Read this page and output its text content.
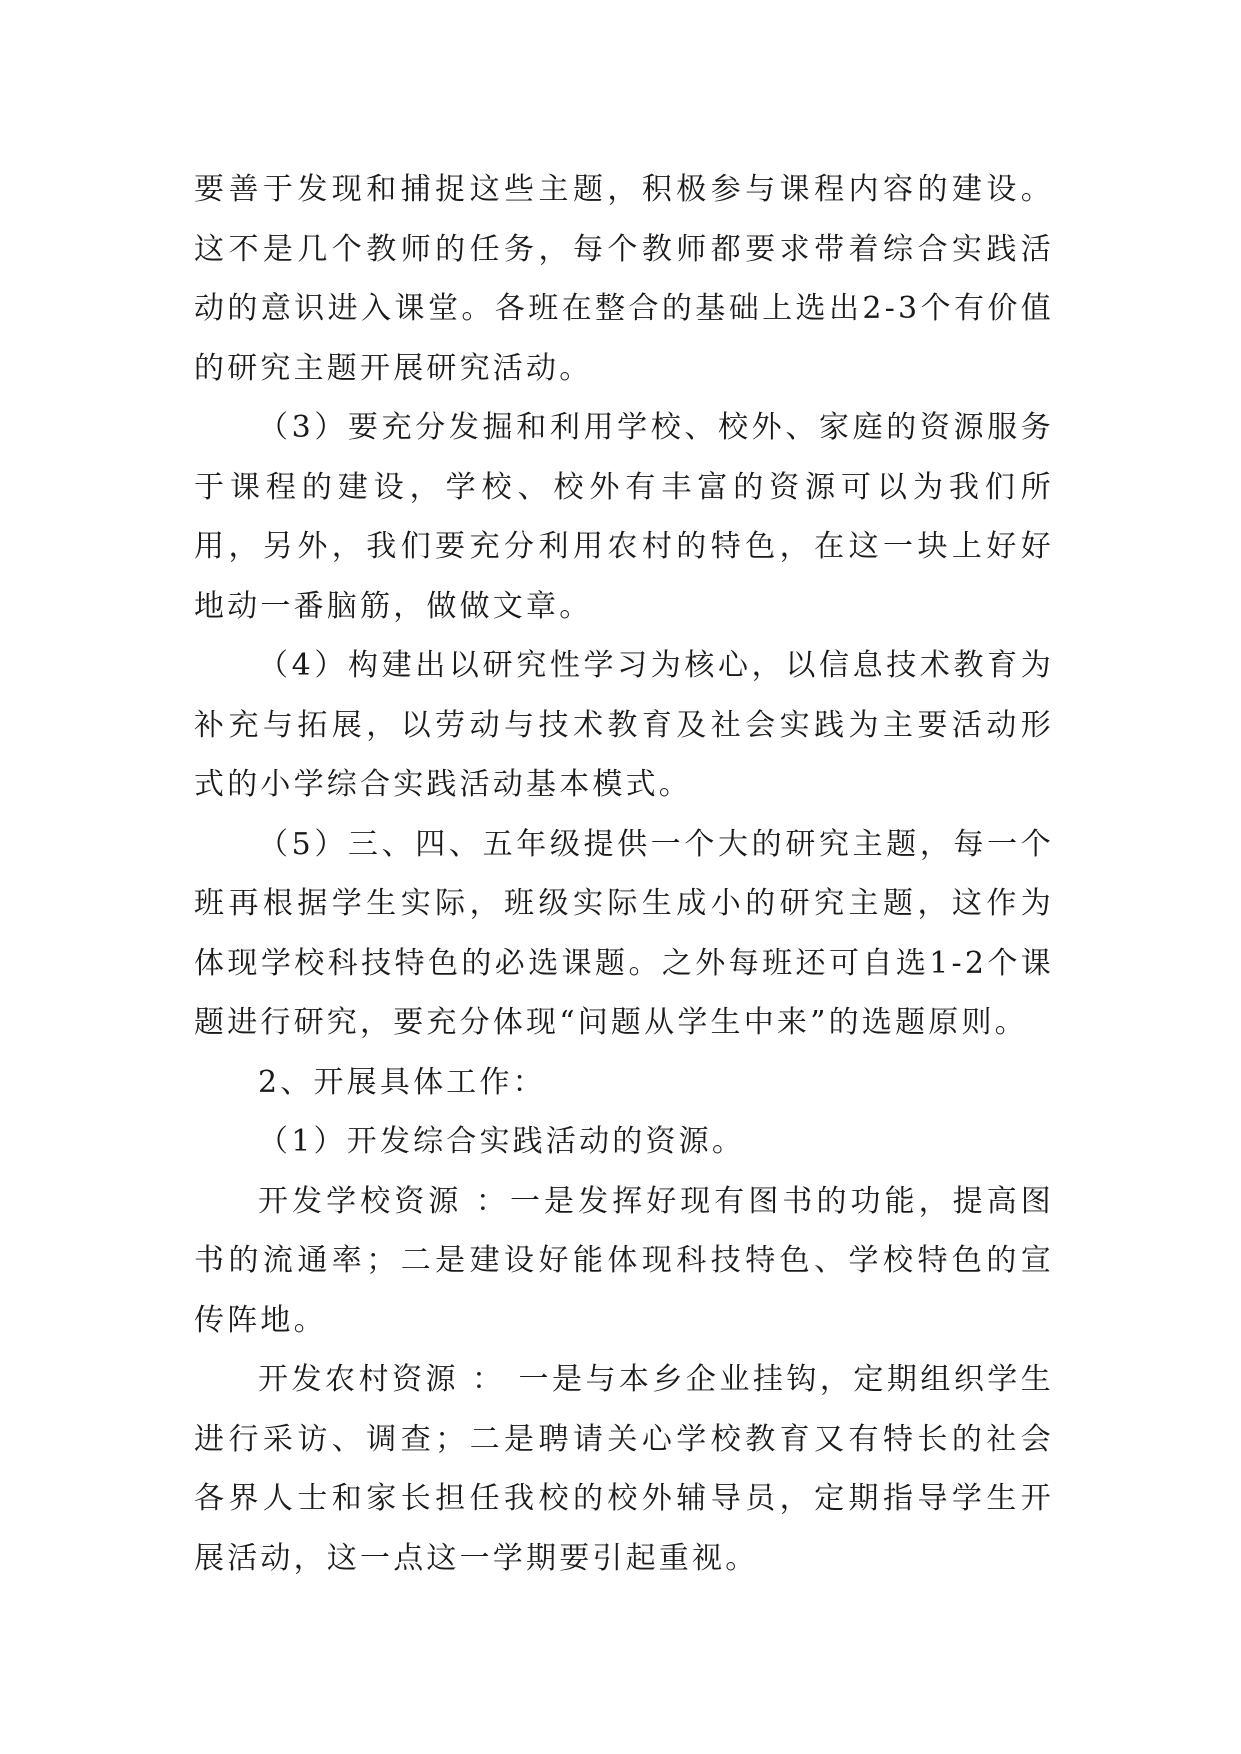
要善于发现和捕捉这些主题，积极参与课程内容的建设。这不是几个教师的任务，每个教师都要求带着综合实践活动的意识进入课堂。各班在整合的基础上选出2-3个有价值的研究主题开展研究活动。

（3）要充分发掘和利用学校、校外、家庭的资源服务于课程的建设，学校、校外有丰富的资源可以为我们所用，另外，我们要充分利用农村的特色，在这一块上好好地动一番脑筋，做做文章。

（4）构建出以研究性学习为核心，以信息技术教育为补充与拓展，以劳动与技术教育及社会实践为主要活动形式的小学综合实践活动基本模式。

（5）三、四、五年级提供一个大的研究主题，每一个班再根据学生实际，班级实际生成小的研究主题，这作为体现学校科技特色的必选课题。之外每班还可自选1-2个课题进行研究，要充分体现“问题从学生中来”的选题原则。

2、开展具体工作：

（1）开发综合实践活动的资源。

开发学校资源 ：一是发挥好现有图书的功能，提高图书的流通率；二是建设好能体现科技特色、学校特色的宣传阵地。

开发农村资源 ： 一是与本乡企业挂钩，定期组织学生进行采访、调查；二是聘请关心学校教育又有特长的社会各界人士和家长担任我校的校外辅导员，定期指导学生开展活动，这一点这一学期要引起重视。
